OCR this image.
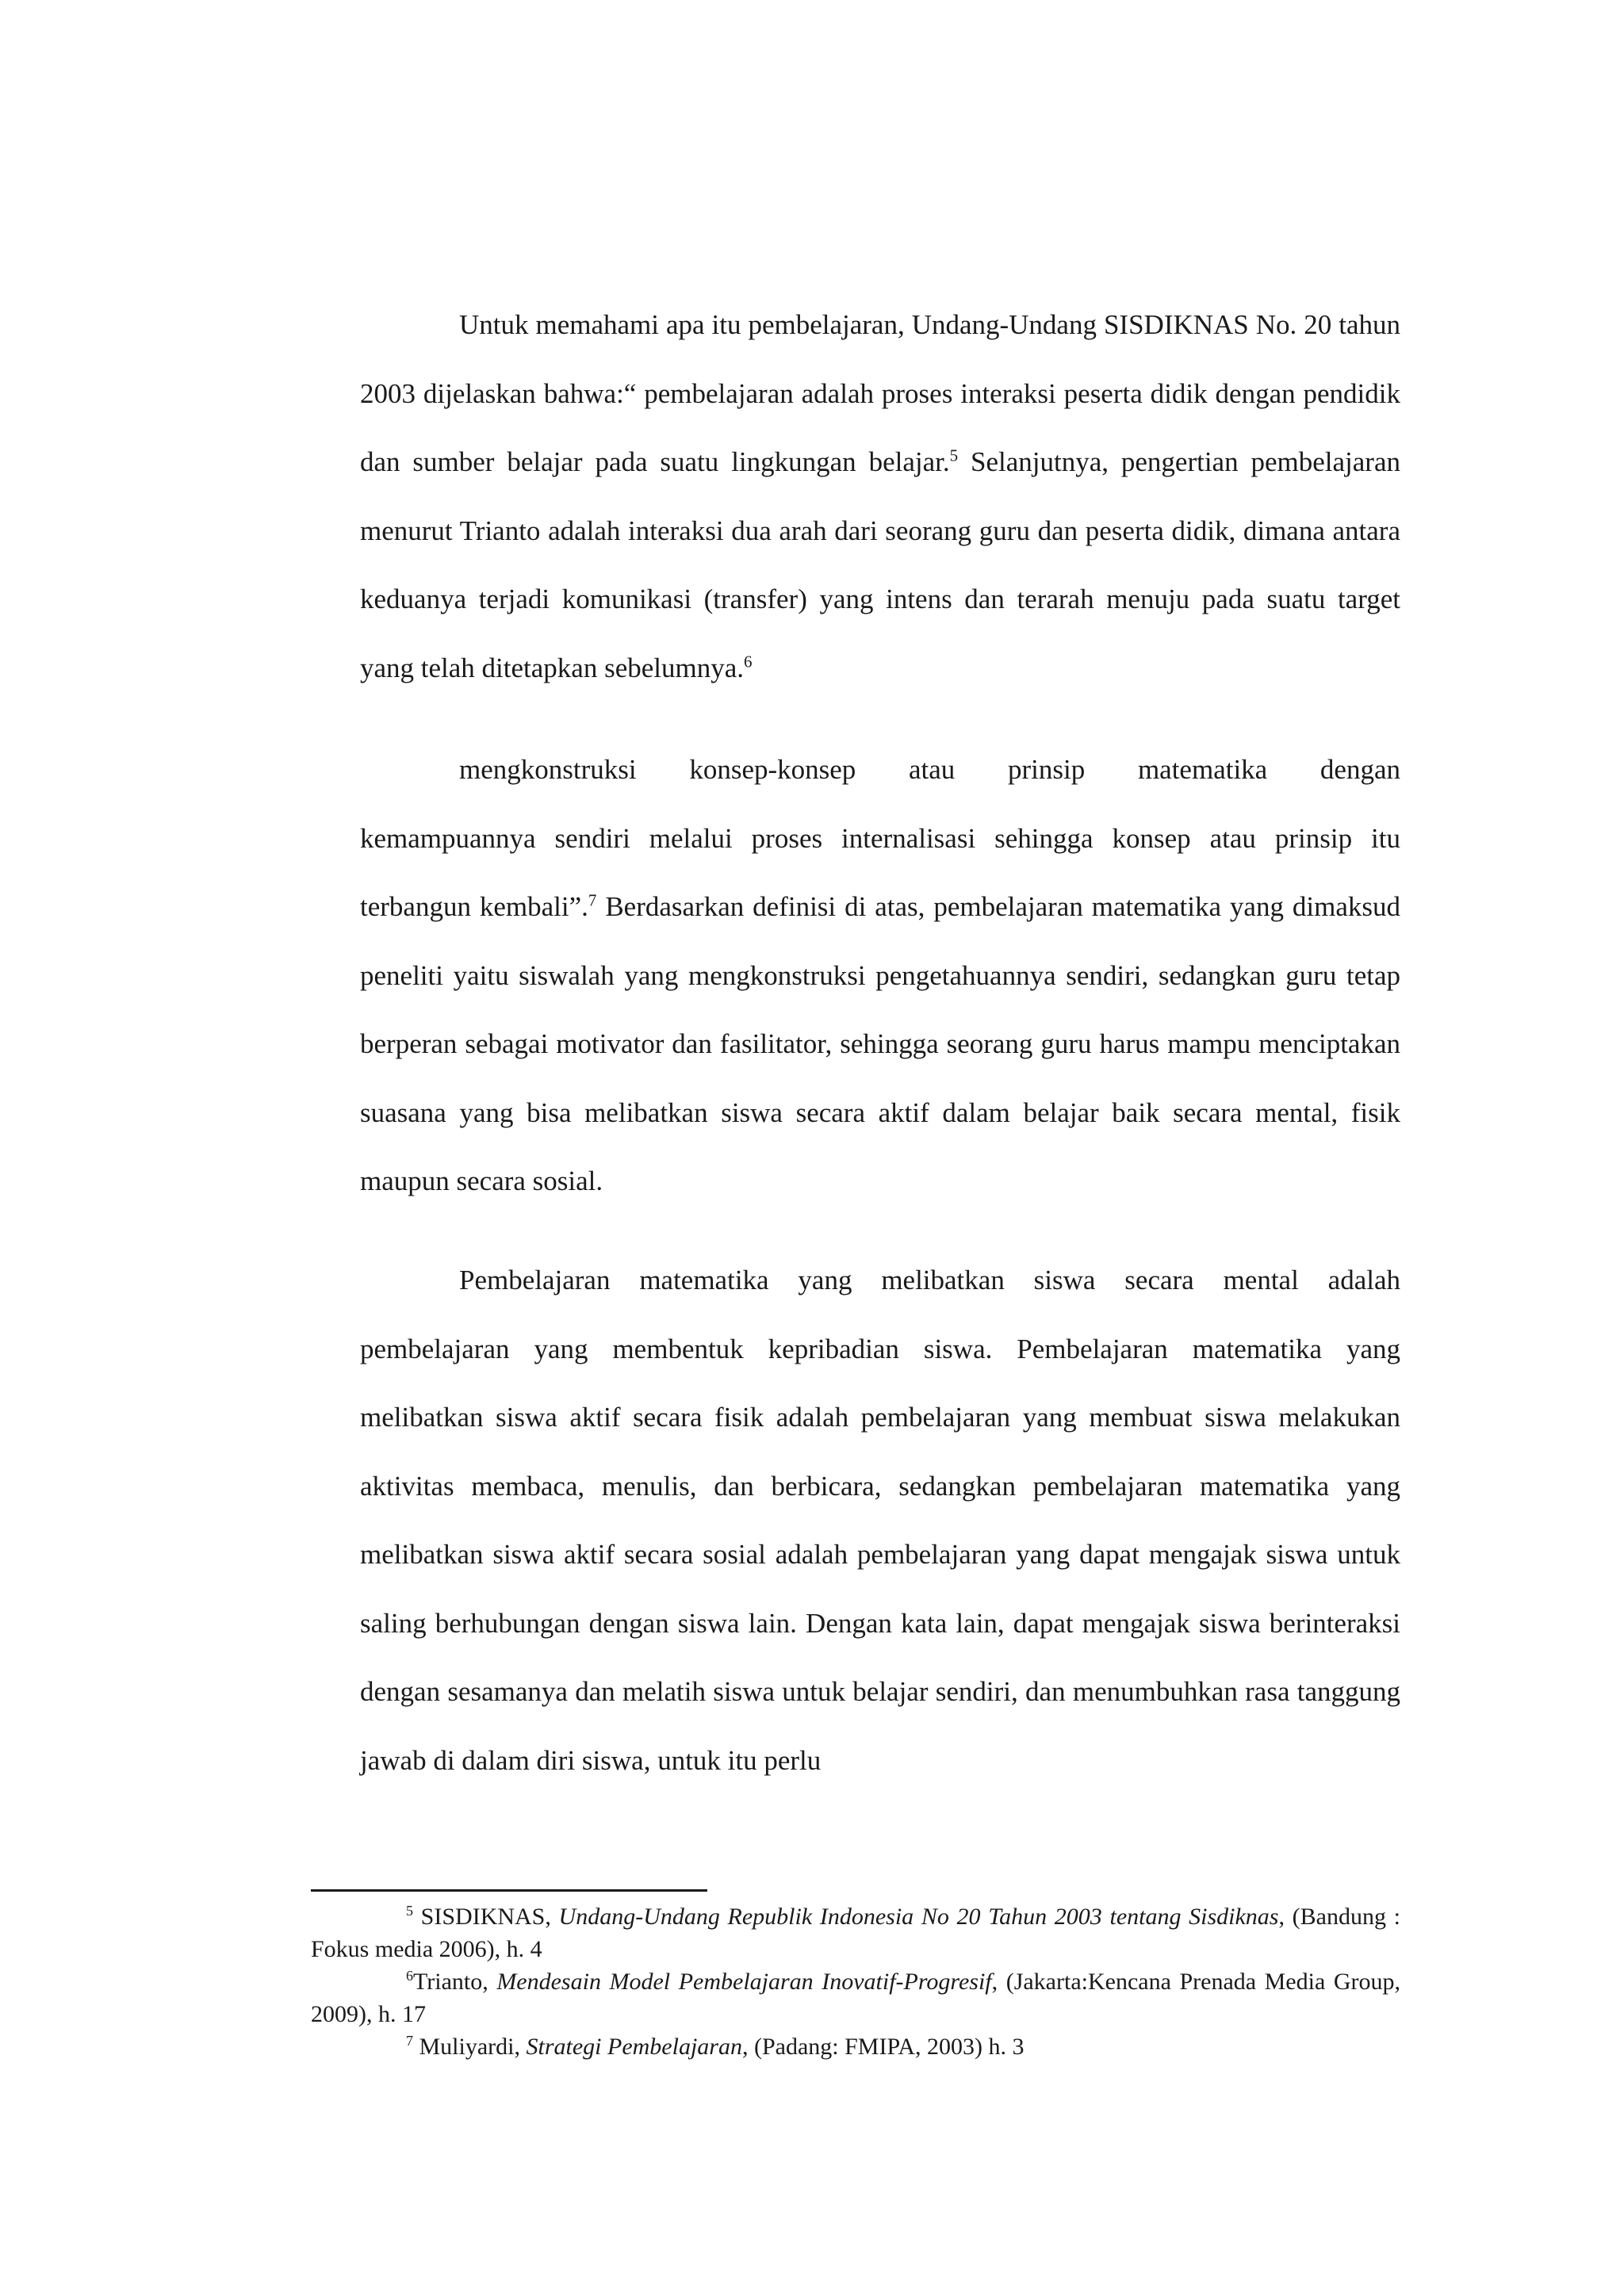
Untuk memahami apa itu pembelajaran, Undang-Undang SISDIKNAS No. 20 tahun 2003 dijelaskan bahwa:“ pembelajaran adalah proses interaksi peserta didik dengan pendidik dan sumber belajar pada suatu lingkungan belajar.$^5$ Selanjutnya, pengertian pembelajaran menurut Trianto adalah interaksi dua arah dari seorang guru dan peserta didik, dimana antara keduanya terjadi komunikasi (transfer) yang intens dan terarah menuju pada suatu target yang telah ditetapkan sebelumnya.$^6$

mengkonstruksi konsep-konsep atau prinsip matematika dengan
kemampuannya sendiri melalui proses internalisasi sehingga konsep atau prinsip itu terbangun kembali”.$^7$ Berdasarkan definisi di atas, pembelajaran matematika yang dimaksud peneliti yaitu siswalah yang mengkonstruksi pengetahuannya sendiri, sedangkan guru tetap berperan sebagai motivator dan fasilitator, sehingga seorang guru harus mampu menciptakan suasana yang bisa melibatkan siswa secara aktif dalam belajar baik secara mental, fisik maupun secara sosial.

Pembelajaran matematika yang melibatkan siswa secara mental adalah pembelajaran yang membentuk kepribadian siswa. Pembelajaran matematika yang melibatkan siswa aktif secara fisik adalah pembelajaran yang membuat siswa melakukan aktivitas membaca, menulis, dan berbicara, sedangkan pembelajaran matematika yang melibatkan siswa aktif secara sosial adalah pembelajaran yang dapat mengajak siswa untuk saling berhubungan dengan siswa lain. Dengan kata lain, dapat mengajak siswa berinteraksi dengan sesamanya dan melatih siswa untuk belajar sendiri, dan menumbuhkan rasa tanggung jawab di dalam diri siswa, untuk itu perlu

$^5$ SISDIKNAS, Undang-Undang Republik Indonesia No 20 Tahun 2003 tentang Sisdiknas, (Bandung : Fokus media 2006), h. 4

$^6$Trianto, Mendesain Model Pembelajaran Inovatif-Progresif, (Jakarta:Kencana Prenada Media Group, 2009), h. 17

$^7$ Muliyardi, Strategi Pembelajaran, (Padang: FMIPA, 2003) h. 3
